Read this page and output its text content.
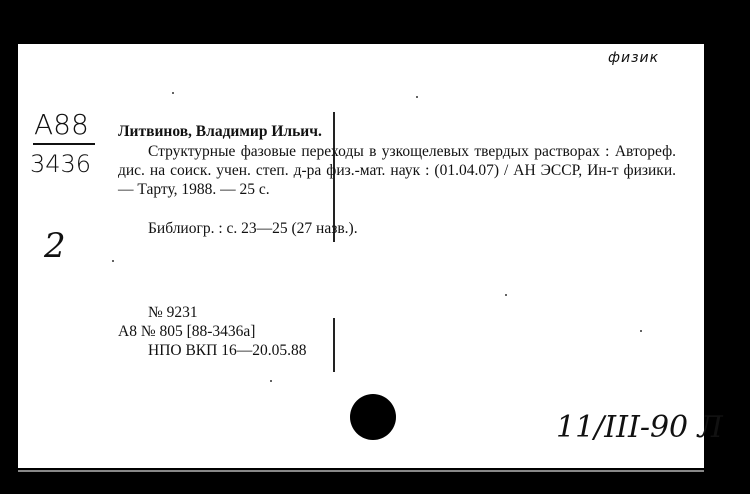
физик
А88
3436
2
Литвинов, Владимир Ильич.
Структурные фазовые переходы в узкощелевых твердых растворах : Автореф. дис. на соиск. учен. степ. д-ра физ.-мат. наук : (01.04.07) / АН ЭССР, Ин-т физики. — Тарту, 1988. — 25 с.
Библиогр. : с. 23—25 (27 назв.).
№ 9231
А8 № 805 [88-3436а]
НПО ВКП 16—20.05.88
11/III-90 Л
